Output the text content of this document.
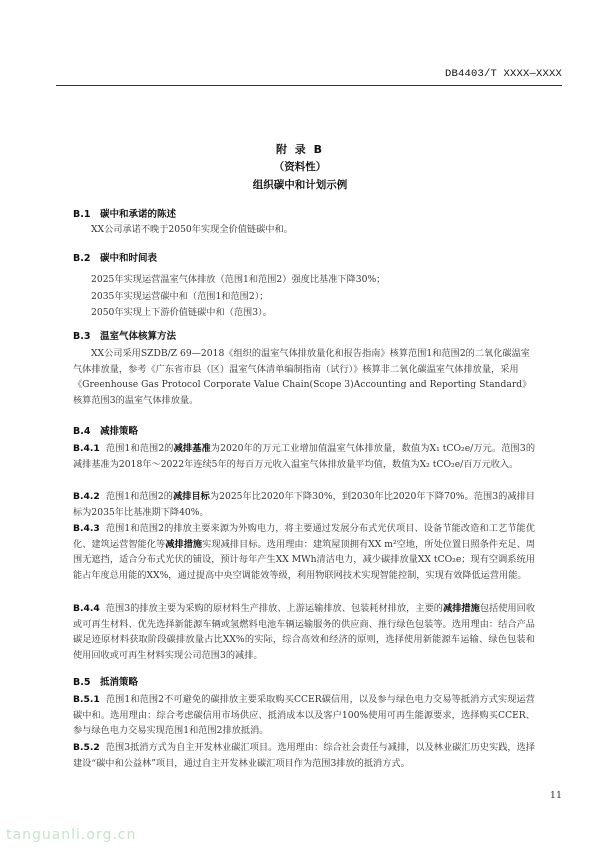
DB4403/T XXXX—XXXX
附 录 B
（资料性）
组织碳中和计划示例
B.1 碳中和承诺的陈述

XX公司承诺不晚于2050年实现全价值链碳中和。

B.2 碳中和时间表

2025年实现运营温室气体排放（范围1和范围2）强度比基准下降30%；

2035年实现运营碳中和（范围1和范围2）；

2050年实现上下游价值链碳中和（范围3）。

B.3 温室气体核算方法

XX公司采用SZDB/Z 69—2018《组织的温室气体排放量化和报告指南》核算范围1和范围2的二氧化碳温室气体排放量，参考《广东省市县（区）温室气体清单编制指南（试行）》核算非二氧化碳温室气体排放量，采用《Greenhouse Gas Protocol Corporate Value Chain(Scope 3)Accounting and Reporting Standard》核算范围3的温室气体排放量。

B.4 减排策略

B.4.1 范围1和范围2的减排基准为2020年的万元工业增加值温室气体排放量，数值为X₁ tCO₂e/万元。范围3的减排基准为2018年～2022年连续5年的每百万元收入温室气体排放量平均值，数值为X₂ tCO₂e/百万元收入。

B.4.2 范围1和范围2的减排目标为2025年比2020年下降30%，到2030年比2020年下降70%。范围3的减排目标为2035年比基准期下降40%。

B.4.3 范围1和范围2的排放主要来源为外购电力，将主要通过发展分布式光伏项目、设备节能改造和工艺节能优化、建筑运营智能化等减排措施实现减排目标。选用理由：建筑屋顶拥有XX m²空地，所处位置日照条件充足、周围无遮挡，适合分布式光伏的铺设，预计每年产生XX MWh清洁电力，减少碳排放量XX tCO₂e；现有空调系统用能占年度总用能的XX%，通过提高中央空调能效等级，利用物联网技术实现智能控制，实现有效降低运营用能。

B.4.4 范围3的排放主要为采购的原材料生产排放、上游运输排放、包装耗材排放，主要的减排措施包括使用回收或可再生材料、优先选择新能源车辆或氢燃料电池车辆运输服务的供应商、推行绿色包装等。选用理由：结合产品碳足迹原材料获取阶段碳排放量占比XX%的实际，综合高效和经济的原则，选择使用新能源车运输、绿色包装和使用回收或可再生材料实现公司范围3的减排。

B.5 抵消策略

B.5.1 范围1和范围2不可避免的碳排放主要采取购买CCER碳信用，以及参与绿色电力交易等抵消方式实现运营碳中和。选用理由：综合考虑碳信用市场供应、抵消成本以及客户100%使用可再生能源要求，选择购买CCER、参与绿色电力交易实现范围1和范围2排放抵消。

B.5.2 范围3抵消方式为自主开发林业碳汇项目。选用理由：综合社会责任与减排，以及林业碳汇历史实践，选择建设“碳中和公益林”项目，通过自主开发林业碳汇项目作为范围3排放的抵消方式。

11
tanguanli.org.cn
